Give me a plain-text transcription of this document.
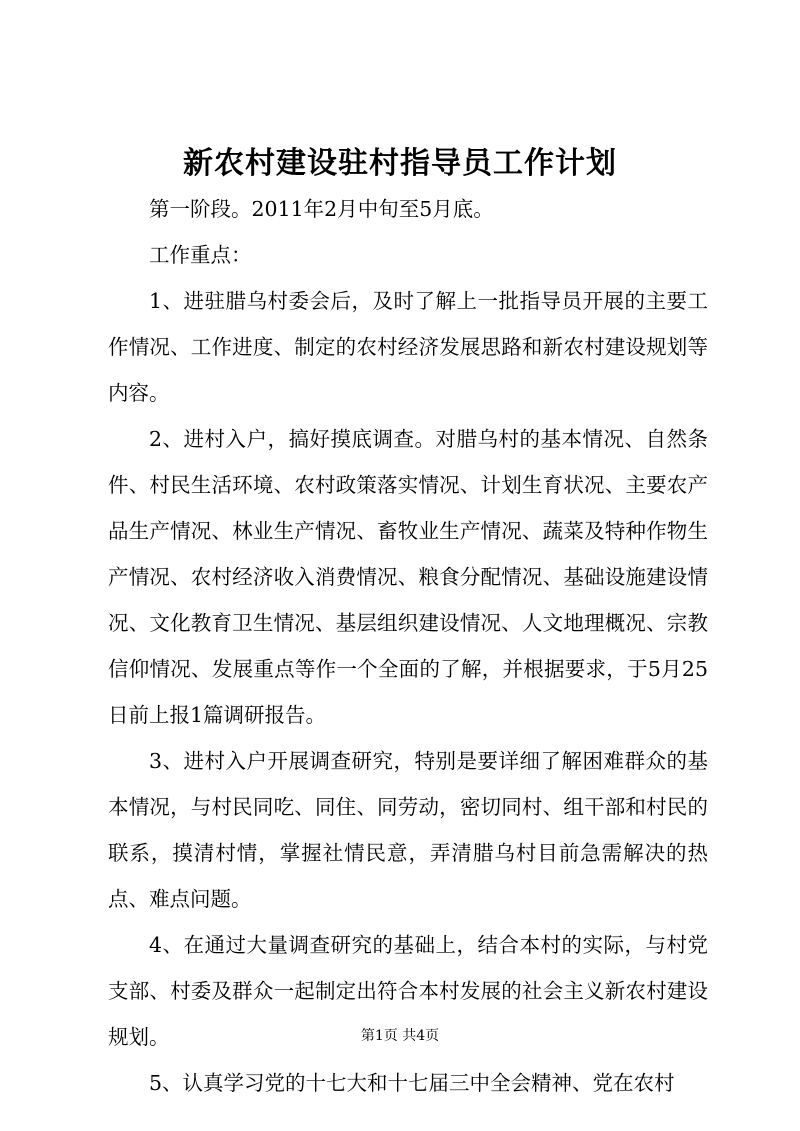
新农村建设驻村指导员工作计划

第一阶段。2011年2月中旬至5月底。

工作重点：

1、进驻腊乌村委会后，及时了解上一批指导员开展的主要工作情况、工作进度、制定的农村经济发展思路和新农村建设规划等内容。

2、进村入户，搞好摸底调查。对腊乌村的基本情况、自然条件、村民生活环境、农村政策落实情况、计划生育状况、主要农产品生产情况、林业生产情况、畜牧业生产情况、蔬菜及特种作物生产情况、农村经济收入消费情况、粮食分配情况、基础设施建设情况、文化教育卫生情况、基层组织建设情况、人文地理概况、宗教信仰情况、发展重点等作一个全面的了解，并根据要求，于5月25日前上报1篇调研报告。

3、进村入户开展调查研究，特别是要详细了解困难群众的基本情况，与村民同吃、同住、同劳动，密切同村、组干部和村民的联系，摸清村情，掌握社情民意，弄清腊乌村目前急需解决的热点、难点问题。

4、在通过大量调查研究的基础上，结合本村的实际，与村党支部、村委及群众一起制定出符合本村发展的社会主义新农村建设规划。

5、认真学习党的十七大和十七届三中全会精神、党在农村

第1页 共4页
